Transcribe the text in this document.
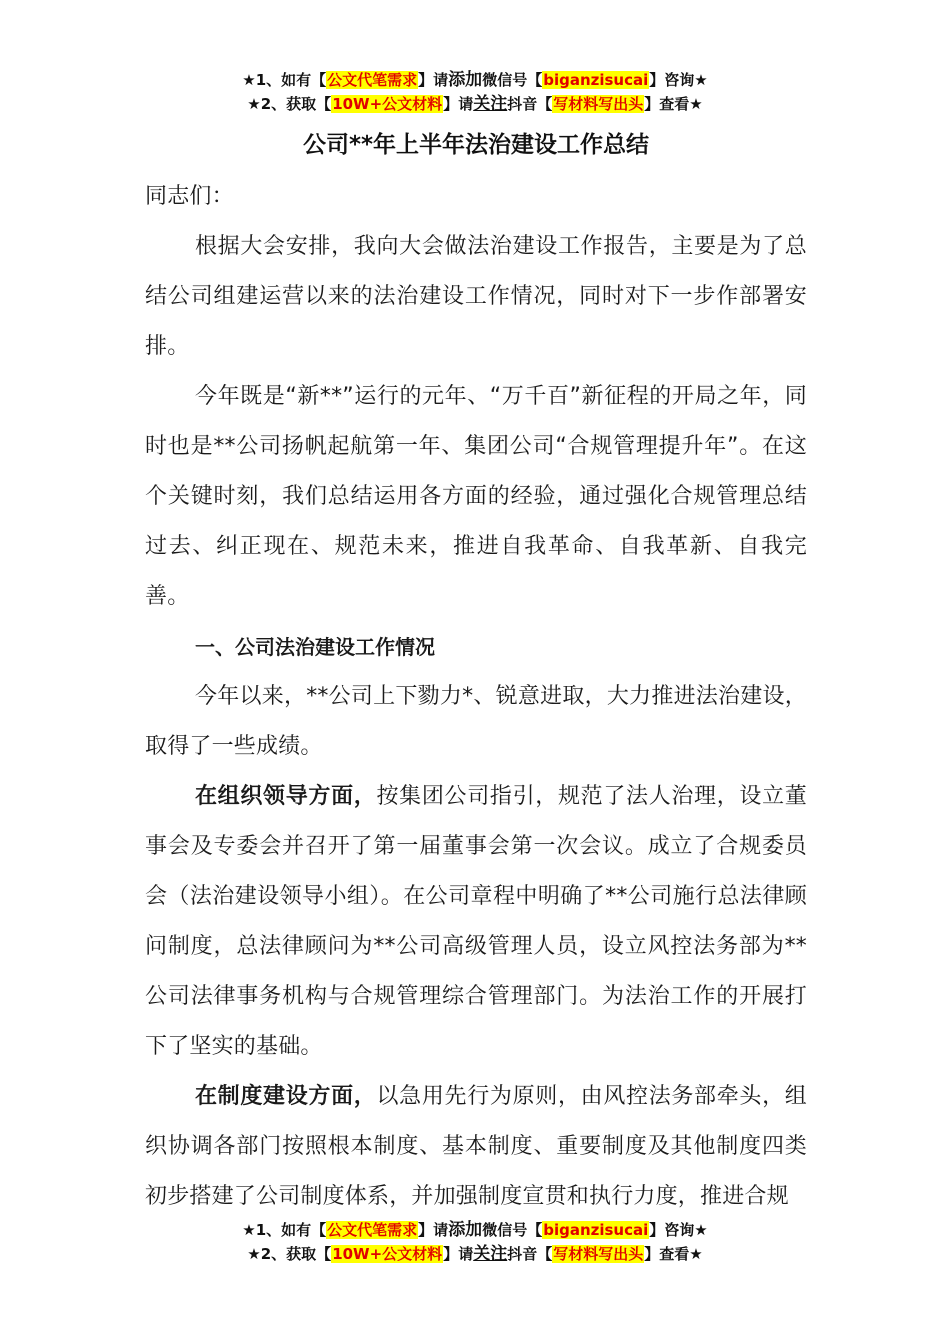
★1、如有【公文代笔需求】请添加微信号【biganzisucai】咨询★
★2、获取【10W+公文材料】请关注抖音【写材料写出头】查看★
公司**年上半年法治建设工作总结

同志们：

根据大会安排，我向大会做法治建设工作报告，主要是为了总结公司组建运营以来的法治建设工作情况，同时对下一步作部署安排。

今年既是“新**”运行的元年、“万千百”新征程的开局之年，同时也是**公司扬帆起航第一年、集团公司“合规管理提升年”。在这个关键时刻，我们总结运用各方面的经验，通过强化合规管理总结过去、纠正现在、规范未来，推进自我革命、自我革新、自我完善。

一、公司法治建设工作情况

今年以来，**公司上下勠力*、锐意进取，大力推进法治建设，取得了一些成绩。

在组织领导方面，按集团公司指引，规范了法人治理，设立董事会及专委会并召开了第一届董事会第一次会议。成立了合规委员会（法治建设领导小组）。在公司章程中明确了**公司施行总法律顾问制度，总法律顾问为**公司高级管理人员，设立风控法务部为**公司法律事务机构与合规管理综合管理部门。为法治工作的开展打下了坚实的基础。

在制度建设方面，以急用先行为原则，由风控法务部牵头，组织协调各部门按照根本制度、基本制度、重要制度及其他制度四类初步搭建了公司制度体系，并加强制度宣贯和执行力度，推进合规

★1、如有【公文代笔需求】请添加微信号【biganzisucai】咨询★
★2、获取【10W+公文材料】请关注抖音【写材料写出头】查看★
